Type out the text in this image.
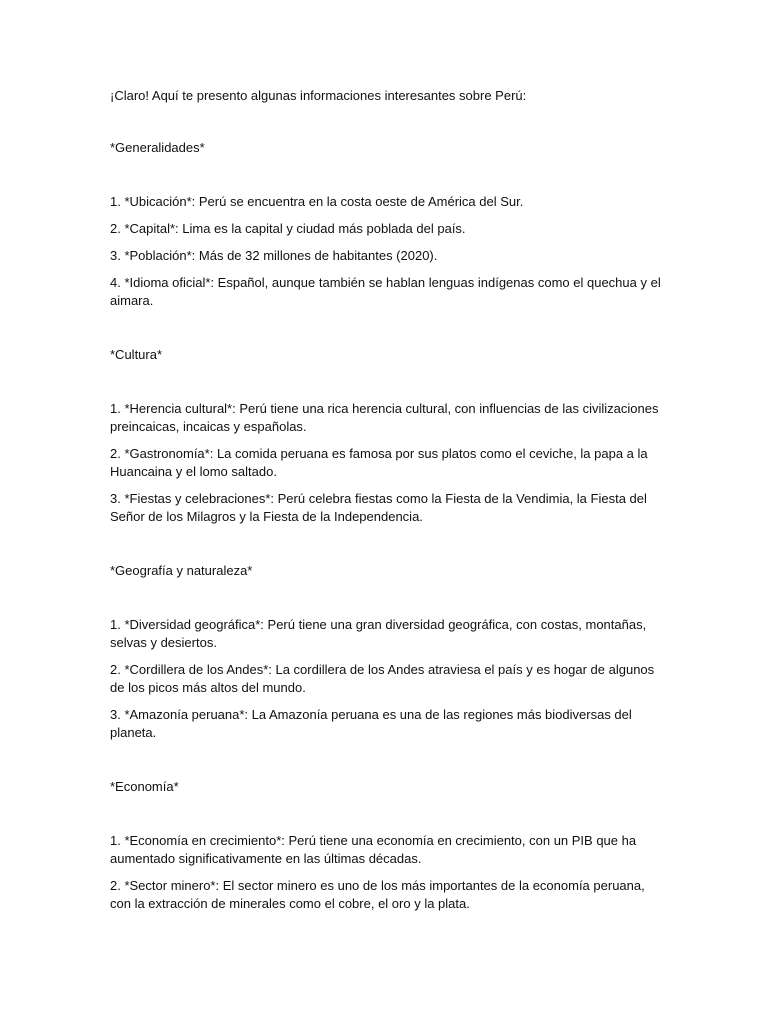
¡Claro! Aquí te presento algunas informaciones interesantes sobre Perú:

*Generalidades*

1. *Ubicación*: Perú se encuentra en la costa oeste de América del Sur.

2. *Capital*: Lima es la capital y ciudad más poblada del país.

3. *Población*: Más de 32 millones de habitantes (2020).

4. *Idioma oficial*: Español, aunque también se hablan lenguas indígenas como el quechua y el aimara.

*Cultura*

1. *Herencia cultural*: Perú tiene una rica herencia cultural, con influencias de las civilizaciones preincaicas, incaicas y españolas.

2. *Gastronomía*: La comida peruana es famosa por sus platos como el ceviche, la papa a la Huancaina y el lomo saltado.

3. *Fiestas y celebraciones*: Perú celebra fiestas como la Fiesta de la Vendimia, la Fiesta del Señor de los Milagros y la Fiesta de la Independencia.

*Geografía y naturaleza*

1. *Diversidad geográfica*: Perú tiene una gran diversidad geográfica, con costas, montañas, selvas y desiertos.

2. *Cordillera de los Andes*: La cordillera de los Andes atraviesa el país y es hogar de algunos de los picos más altos del mundo.

3. *Amazonía peruana*: La Amazonía peruana es una de las regiones más biodiversas del planeta.

*Economía*

1. *Economía en crecimiento*: Perú tiene una economía en crecimiento, con un PIB que ha aumentado significativamente en las últimas décadas.

2. *Sector minero*: El sector minero es uno de los más importantes de la economía peruana, con la extracción de minerales como el cobre, el oro y la plata.
